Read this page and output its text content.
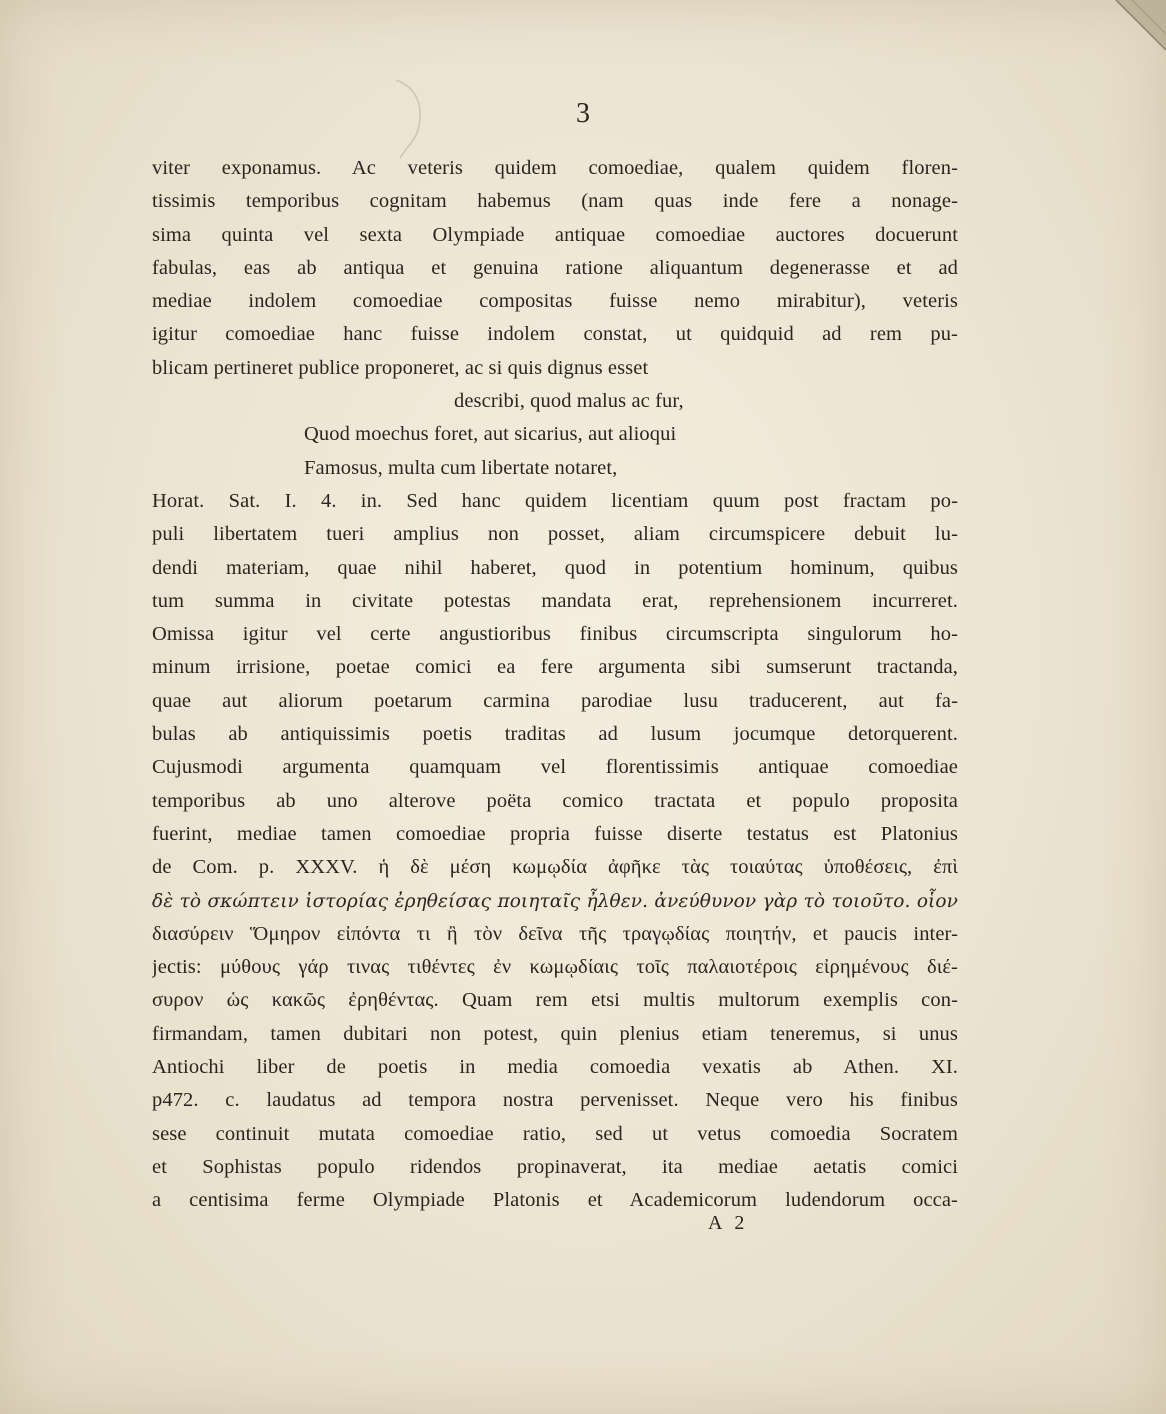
3
viter exponamus. Ac veteris quidem comoediae, qualem quidem floren-
tissimis temporibus cognitam habemus (nam quas inde fere a nonage-
sima quinta vel sexta Olympiade antiquae comoediae auctores docuerunt
fabulas, eas ab antiqua et genuina ratione aliquantum degenerasse et ad
mediae indolem comoediae compositas fuisse nemo mirabitur), veteris
igitur comoediae hanc fuisse indolem constat, ut quidquid ad rem pu-
blicam pertineret publice proponeret, ac si quis dignus esset
describi, quod malus ac fur,
Quod moechus foret, aut sicarius, aut alioqui
Famosus, multa cum libertate notaret,
Horat. Sat. I. 4. in. Sed hanc quidem licentiam quum post fractam po-
puli libertatem tueri amplius non posset, aliam circumspicere debuit lu-
dendi materiam, quae nihil haberet, quod in potentium hominum, quibus
tum summa in civitate potestas mandata erat, reprehensionem incurreret.
Omissa igitur vel certe angustioribus finibus circumscripta singulorum ho-
minum irrisione, poetae comici ea fere argumenta sibi sumserunt tractanda,
quae aut aliorum poetarum carmina parodiae lusu traducerent, aut fa-
bulas ab antiquissimis poetis traditas ad lusum jocumque detorquerent.
Cujusmodi argumenta quamquam vel florentissimis antiquae comoediae
temporibus ab uno alterove poëta comico tractata et populo proposita
fuerint, mediae tamen comoediae propria fuisse diserte testatus est Platonius
de Com. p. XXXV. ἡ δὲ μέση κωμῳδία ἀφῆκε τὰς τοιαύτας ὑποθέσεις, ἐπὶ
δὲ τὸ σκώπτειν ἱστορίας ἐρηθείσας ποιηταῖς ἦλθεν. ἀνεύθυνον γὰρ τὸ τοιοῦτο. οἷον
διασύρειν Ὅμηρον εἰπόντα τι ἢ τὸν δεῖνα τῆς τραγῳδίας ποιητήν, et paucis inter-
jectis: μύθους γάρ τινας τιθέντες ἐν κωμῳδίαις τοῖς παλαιοτέροις εἰρημένους διέ-
συρον ὡς κακῶς ἐρηθέντας. Quam rem etsi multis multorum exemplis con-
firmandam, tamen dubitari non potest, quin plenius etiam teneremus, si unus
Antiochi liber de poetis in media comoedia vexatis ab Athen. XI.
p472. c. laudatus ad tempora nostra pervenisset. Neque vero his finibus
sese continuit mutata comoediae ratio, sed ut vetus comoedia Socratem
et Sophistas populo ridendos propinaverat, ita mediae aetatis comici
a centisima ferme Olympiade Platonis et Academicorum ludendorum occa-
A 2
